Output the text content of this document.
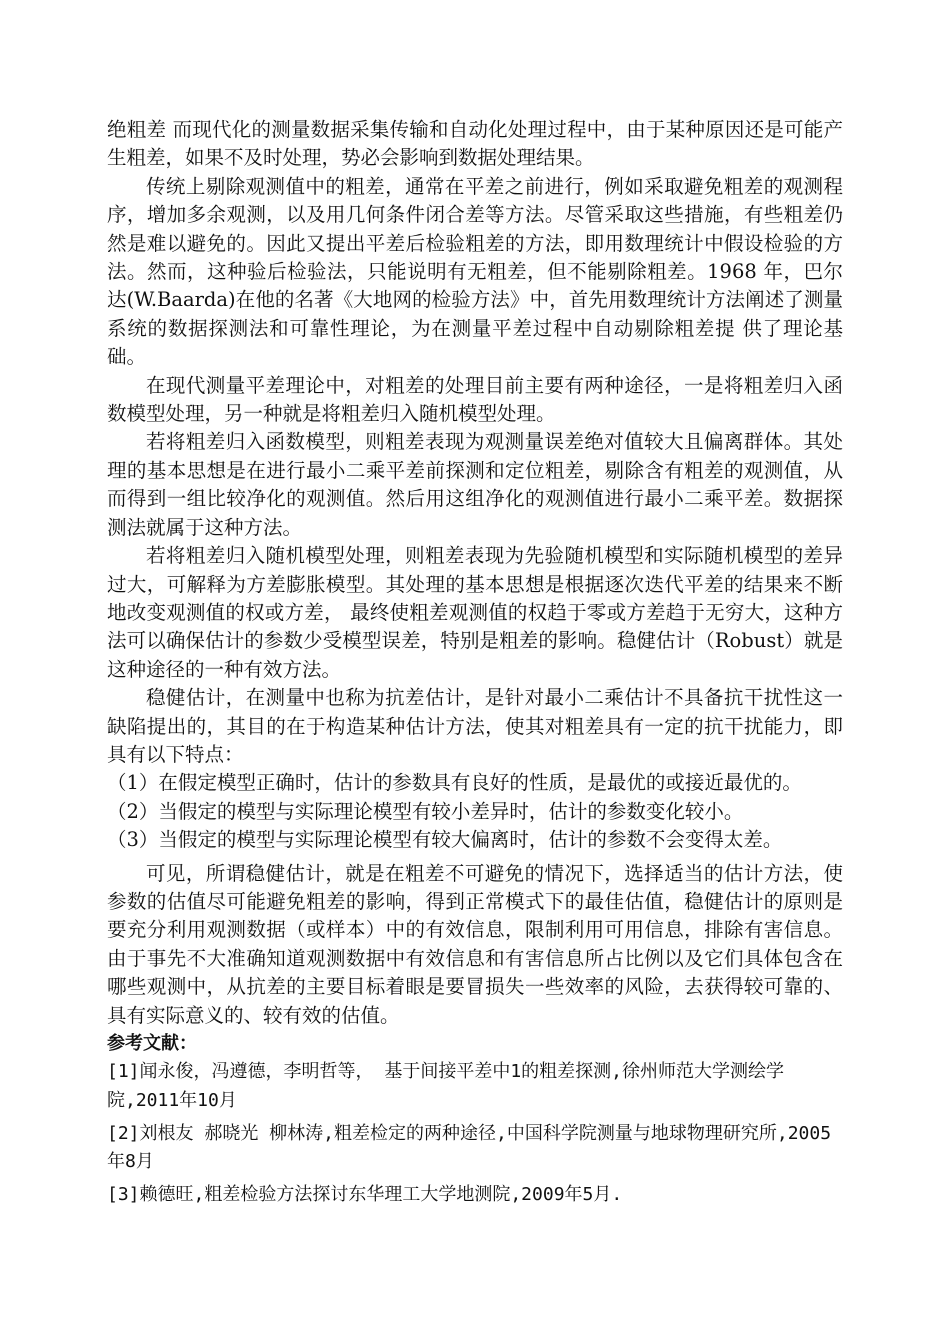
绝粗差 而现代化的测量数据采集传输和自动化处理过程中，由于某种原因还是可能产生粗差，如果不及时处理，势必会影响到数据处理结果。

传统上剔除观测值中的粗差，通常在平差之前进行，例如采取避免粗差的观测程序，增加多余观测，以及用几何条件闭合差等方法。尽管采取这些措施，有些粗差仍然是难以避免的。因此又提出平差后检验粗差的方法，即用数理统计中假设检验的方法。然而，这种验后检验法，只能说明有无粗差，但不能剔除粗差。1968 年，巴尔达(W.Baarda)在他的名著《大地网的检验方法》中，首先用数理统计方法阐述了测量系统的数据探测法和可靠性理论，为在测量平差过程中自动剔除粗差提 供了理论基础。

在现代测量平差理论中，对粗差的处理目前主要有两种途径，一是将粗差归入函数模型处理，另一种就是将粗差归入随机模型处理。

若将粗差归入函数模型，则粗差表现为观测量误差绝对值较大且偏离群体。其处理的基本思想是在进行最小二乘平差前探测和定位粗差，剔除含有粗差的观测值，从而得到一组比较净化的观测值。然后用这组净化的观测值进行最小二乘平差。数据探测法就属于这种方法。

若将粗差归入随机模型处理，则粗差表现为先验随机模型和实际随机模型的差异过大，可解释为方差膨胀模型。其处理的基本思想是根据逐次迭代平差的结果来不断地改变观测值的权或方差， 最终使粗差观测值的权趋于零或方差趋于无穷大，这种方法可以确保估计的参数少受模型误差，特别是粗差的影响。稳健估计（Robust）就是这种途径的一种有效方法。

稳健估计，在测量中也称为抗差估计，是针对最小二乘估计不具备抗干扰性这一缺陷提出的，其目的在于构造某种估计方法，使其对粗差具有一定的抗干扰能力，即具有以下特点：

（1）在假定模型正确时，估计的参数具有良好的性质，是最优的或接近最优的。

（2）当假定的模型与实际理论模型有较小差异时，估计的参数变化较小。

（3）当假定的模型与实际理论模型有较大偏离时，估计的参数不会变得太差。

可见，所谓稳健估计，就是在粗差不可避免的情况下，选择适当的估计方法，使参数的估值尽可能避免粗差的影响，得到正常模式下的最佳估值，稳健估计的原则是要充分利用观测数据（或样本）中的有效信息，限制利用可用信息，排除有害信息。由于事先不大准确知道观测数据中有效信息和有害信息所占比例以及它们具体包含在哪些观测中，从抗差的主要目标着眼是要冒损失一些效率的风险，去获得较可靠的、具有实际意义的、较有效的估值。

参考文献：

[1]闻永俊，冯遵德，李明哲等， 基于间接平差中1的粗差探测,徐州师范大学测绘学院,2011年10月

[2]刘根友 郝晓光 柳林涛,粗差检定的两种途径,中国科学院测量与地球物理研究所,2005年8月

[3]赖德旺,粗差检验方法探讨东华理工大学地测院,2009年5月.
